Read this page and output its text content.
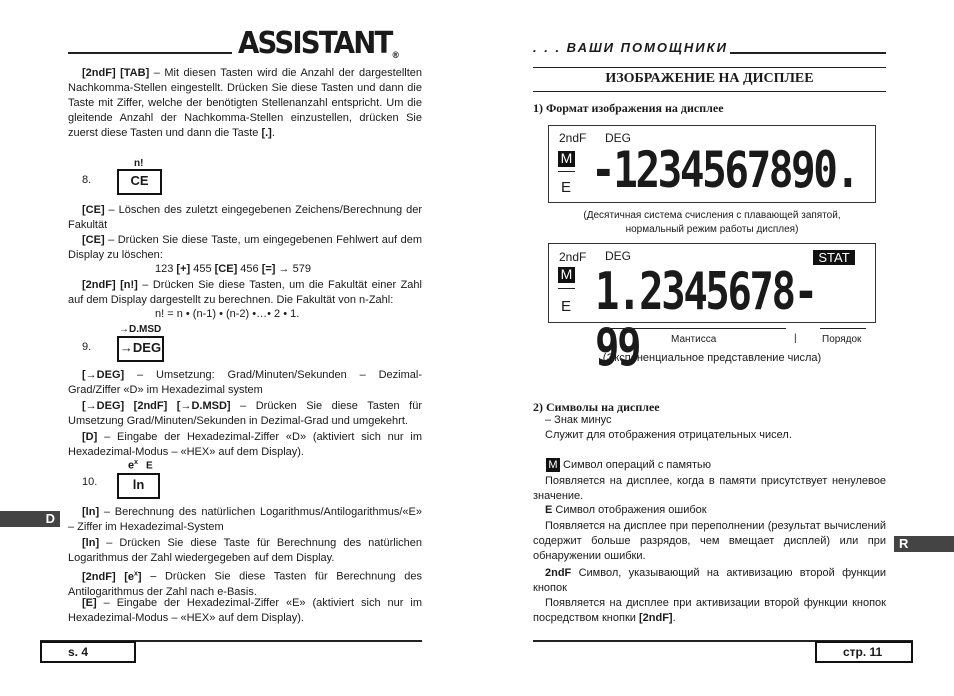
ASSISTANT®

[2ndF] [TAB] – Mit diesen Tasten wird die Anzahl der dargestellten Nachkomma-Stellen eingestellt. Drücken Sie diese Tasten und dann die Taste mit Ziffer, welche der benötigten Stellenanzahl entspricht. Um die gleitende Anzahl der Nachkomma-Stellen einzustellen, drücken Sie zuerst diese Tasten und dann die Taste [.].

8.
n!
CE

[CE] – Löschen des zuletzt eingegebenen Zeichens/Berechnung der Fakultät

[CE] – Drücken Sie diese Taste, um eingegebenen Fehlwert auf dem Display zu löschen:

123 [+] 455 [CE] 456 [=] → 579

[2ndF] [n!] – Drücken Sie diese Tasten, um die Fakultät einer Zahl auf dem Display dargestellt zu berechnen. Die Fakultät von n-Zahl:

n! = n • (n-1) • (n-2) •…• 2 • 1.
9.
→D.MSD
→DEG

[→DEG] – Umsetzung: Grad/Minuten/Sekunden – Dezimal-Grad/Ziffer «D» im Hexadezimal system

[→DEG] [2ndF] [→D.MSD] – Drücken Sie diese Tasten für Umsetzung Grad/Minuten/Sekunden in Dezimal-Grad und umgekehrt.

[D] – Eingabe der Hexadezimal-Ziffer «D» (aktiviert sich nur im Hexadezimal-Modus – «HEX» auf dem Display).

10.
$e^x$ E
ln
D	[ln] – Berechnung des natürlichen Logarithmus/Antilogarithmus/«E» – Ziffer im Hexadezimal-System

[ln] – Drücken Sie diese Taste für Berechnung des natürlichen Logarithmus der Zahl wiedergegeben auf dem Display.

[2ndF] $[e^x]$ – Drücken Sie diese Tasten für Berechnung des Antilogarithmus der Zahl nach e-Basis.

[E] – Eingabe der Hexadezimal-Ziffer «E» (aktiviert sich nur im Hexadezimal-Modus – «HEX» auf dem Display).

s. 4
. . . ВАШИ ПОМОЩНИКИ
ИЗОБРАЖЕНИЕ НА ДИСПЛЕЕ
1) Формат изображения на дисплее
2ndF DEG
M
E -1234567890.
(Десятичная система счисления с плавающей запятой,
нормальный режим работы дисплея)
2ndF DEG	STAT
M
E 1.2345678-99	Мантисса	|	Порядок
(Экспоненциальное представление числа)
2) Символы на дисплее
– Знак минус
Служит для отображения отрицательных чисел.
M Символ операций с памятью

Появляется на дисплее, когда в памяти присутствует ненулевое значение.

E Символ отображения ошибок

Появляется на дисплее при переполнении (результат вычислений содержит больше разрядов, чем вмещает дисплей) или при обнаружении ошибки.

R

2ndF Символ, указывающий на активизацию второй функции кнопок

Появляется на дисплее при активизации второй функции кнопок посредством кнопки [2ndF].

стр. 11
